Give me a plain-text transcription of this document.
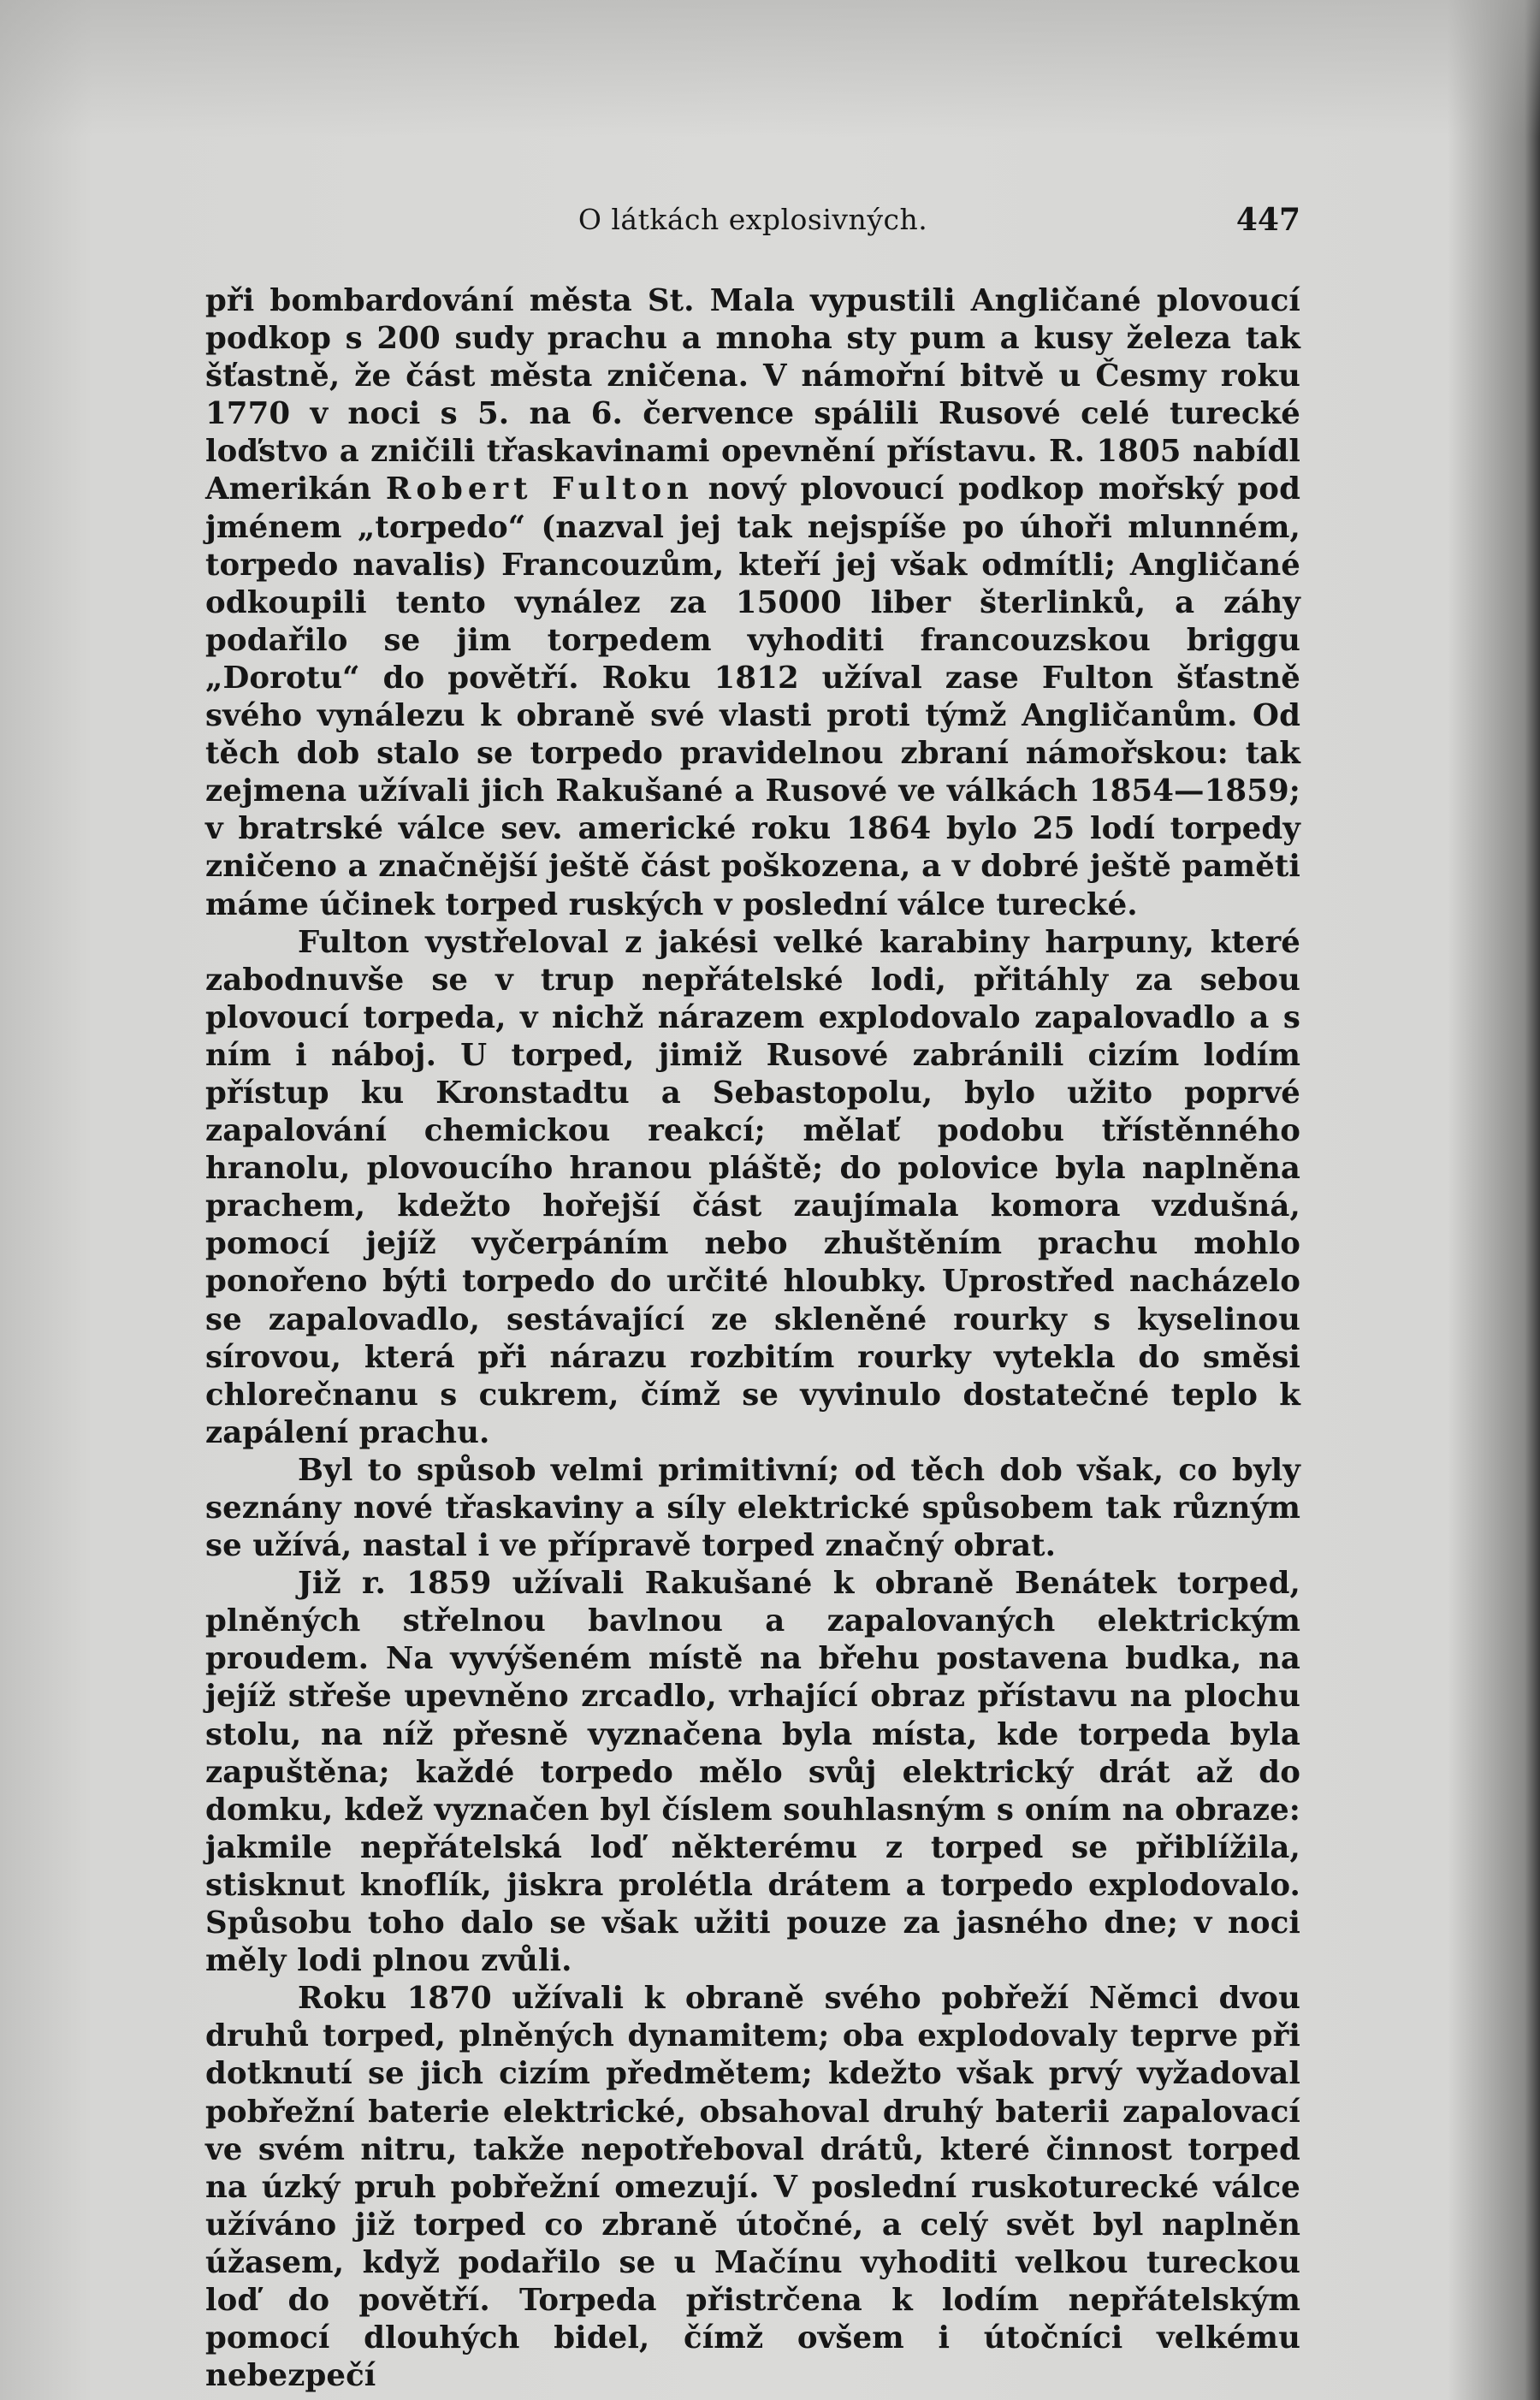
O látkách explosivných.	447

při bombardování města St. Mala vypustili Angličané plovoucí podkop s 200 sudy prachu a mnoha sty pum a kusy železa tak šťastně, že část města zničena. V námořní bitvě u Česmy roku 1770 v noci s 5. na 6. července spálili Rusové celé turecké loďstvo a zničili třaskavinami opevnění přístavu. R. 1805 nabídl Amerikán Robert Fulton nový plovoucí podkop mořský pod jménem „torpedo“ (nazval jej tak nejspíše po úhoři mlunném, torpedo navalis) Francouzům, kteří jej však odmítli; Angličané odkoupili tento vynález za 15000 liber šterlinků, a záhy podařilo se jim torpedem vyhoditi francouzskou briggu „Dorotu“ do povětří. Roku 1812 užíval zase Fulton šťastně svého vynálezu k obraně své vlasti proti týmž Angličanům. Od těch dob stalo se torpedo pravidelnou zbraní námořskou: tak zejmena užívali jich Rakušané a Rusové ve válkách 1854—1859; v bratrské válce sev. americké roku 1864 bylo 25 lodí torpedy zničeno a značnější ještě část poškozena, a v dobré ještě paměti máme účinek torped ruských v poslední válce turecké.

Fulton vystřeloval z jakési velké karabiny harpuny, které zabodnuvše se v trup nepřátelské lodi, přitáhly za sebou plovoucí torpeda, v nichž nárazem explodovalo zapalovadlo a s ním i náboj. U torped, jimiž Rusové zabránili cizím lodím přístup ku Kronstadtu a Sebastopolu, bylo užito poprvé zapalování chemickou reakcí; mělať podobu třístěnného hranolu, plovoucího hranou pláště; do polovice byla naplněna prachem, kdežto hořejší část zaujímala komora vzdušná, pomocí jejíž vyčerpáním nebo zhuštěním prachu mohlo ponořeno býti torpedo do určité hloubky. Uprostřed nacházelo se zapalovadlo, sestávající ze skleněné rourky s kyselinou sírovou, která při nárazu rozbitím rourky vytekla do směsi chlorečnanu s cukrem, čímž se vyvinulo dostatečné teplo k zapálení prachu.

Byl to spůsob velmi primitivní; od těch dob však, co byly seznány nové třaskaviny a síly elektrické spůsobem tak různým se užívá, nastal i ve přípravě torped značný obrat.

Již r. 1859 užívali Rakušané k obraně Benátek torped, plněných střelnou bavlnou a zapalovaných elektrickým proudem. Na vyvýšeném místě na břehu postavena budka, na jejíž střeše upevněno zrcadlo, vrhající obraz přístavu na plochu stolu, na níž přesně vyznačena byla místa, kde torpeda byla zapuštěna; každé torpedo mělo svůj elektrický drát až do domku, kdež vyznačen byl číslem souhlasným s oním na obraze: jakmile nepřátelská loď některému z torped se přiblížila, stisknut knoflík, jiskra prolétla drátem a torpedo explodovalo. Spůsobu toho dalo se však užiti pouze za jasného dne; v noci měly lodi plnou zvůli.

Roku 1870 užívali k obraně svého pobřeží Němci dvou druhů torped, plněných dynamitem; oba explodovaly teprve při dotknutí se jich cizím předmětem; kdežto však prvý vyžadoval pobřežní baterie elektrické, obsahoval druhý baterii zapalovací ve svém nitru, takže nepotřeboval drátů, které činnost torped na úzký pruh pobřežní omezují. V poslední ruskoturecké válce užíváno již torped co zbraně útočné, a celý svět byl naplněn úžasem, když podařilo se u Mačínu vyhoditi velkou tureckou loď do povětří. Torpeda přistrčena k lodím nepřátelským pomocí dlouhých bidel, čímž ovšem i útočníci velkému nebezpečí
